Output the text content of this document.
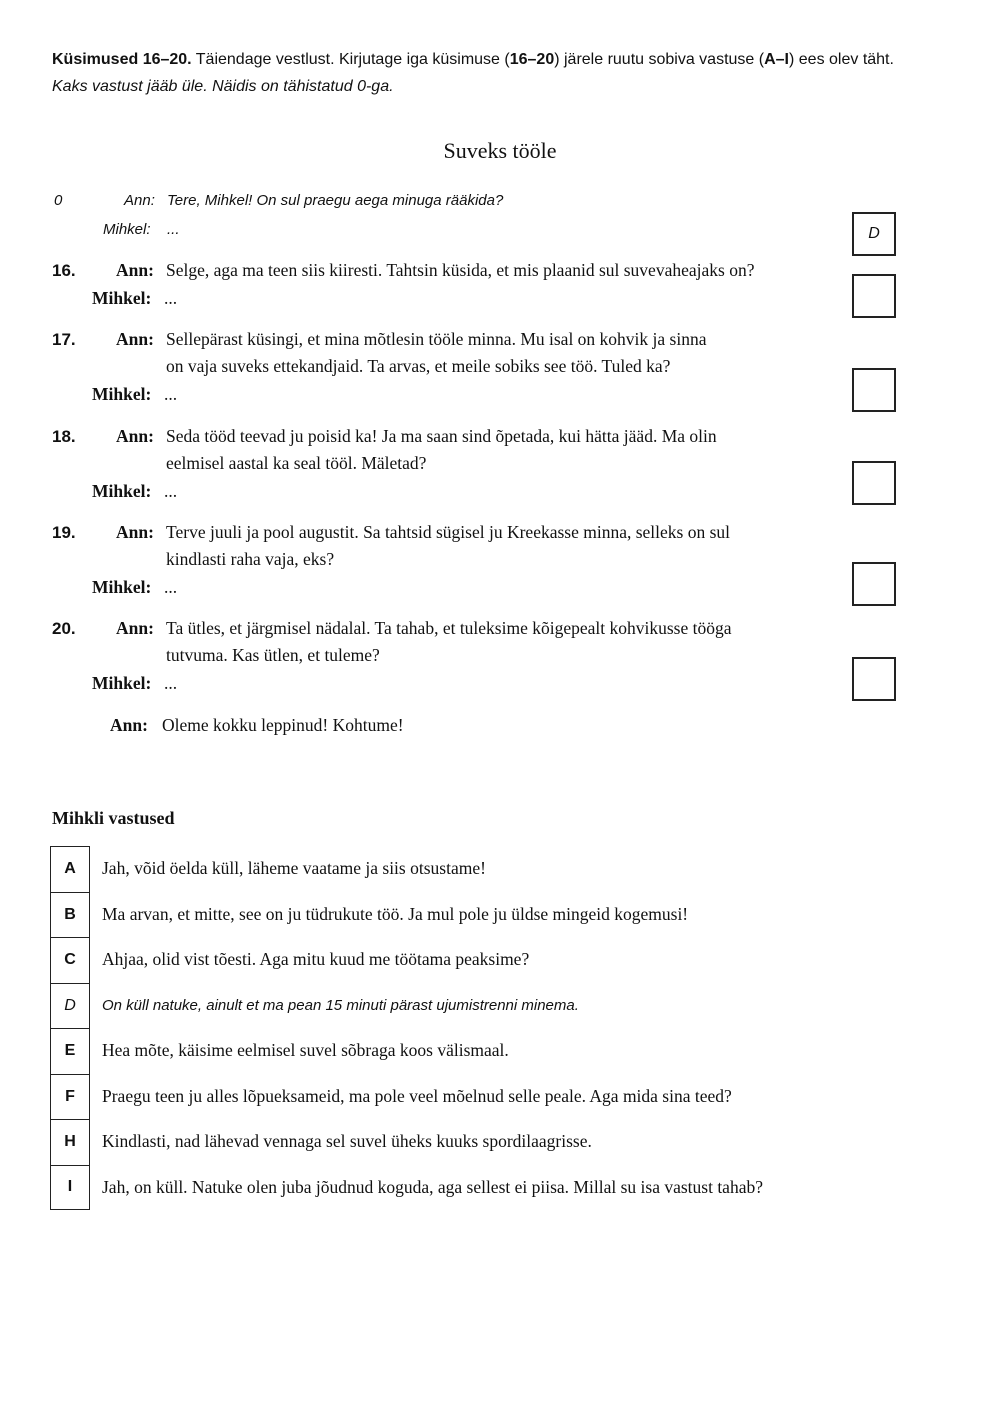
Küsimused 16–20. Täiendage vestlust. Kirjutage iga küsimuse (16–20) järele ruutu sobiva vastuse (A–I) ees olev täht. Kaks vastust jääb üle. Näidis on tähistatud 0-ga.
Suveks tööle
0	Ann: Tere, Mihkel! On sul praegu aega minuga rääkida?
Mihkel: ...	D
16. Ann: Selge, aga ma teen siis kiiresti. Tahtsin küsida, et mis plaanid sul suvevaheajaks on?
Mihkel: ...
17. Ann: Sellepärast küsingi, et mina mõtlesin tööle minna. Mu isal on kohvik ja sinna
on vaja suveks ettekandjaid. Ta arvas, et meile sobiks see töö. Tuled ka?
Mihkel: ...
18. Ann: Seda tööd teevad ju poisid ka! Ja ma saan sind õpetada, kui hätta jääd. Ma olin
eelmisel aastal ka seal tööl. Mäletad?
Mihkel: ...
19. Ann: Terve juuli ja pool augustit. Sa tahtsid sügisel ju Kreekasse minna, selleks on sul
kindlasti raha vaja, eks?
Mihkel: ...
20. Ann: Ta ütles, et järgmisel nädalal. Ta tahab, et tuleksime kõigepealt kohvikusse tööga
tutvuma. Kas ütlen, et tuleme?
Mihkel: ...
Ann: Oleme kokku leppinud! Kohtume!
Mihkli vastused
A	Jah, võid öelda küll, läheme vaatame ja siis otsustame!
B	Ma arvan, et mitte, see on ju tüdrukute töö. Ja mul pole ju üldse mingeid kogemusi!
C	Ahjaa, olid vist tõesti. Aga mitu kuud me töötama peaksime?
D	On küll natuke, ainult et ma pean 15 minuti pärast ujumistrenni minema.
E	Hea mõte, käisime eelmisel suvel sõbraga koos välismaal.
F	Praegu teen ju alles lõpueksameid, ma pole veel mõelnud selle peale. Aga mida sina teed?
H	Kindlasti, nad lähevad vennaga sel suvel üheks kuuks spordilaagrisse.
I	Jah, on küll. Natuke olen juba jõudnud koguda, aga sellest ei piisa. Millal su isa vastust tahab?
